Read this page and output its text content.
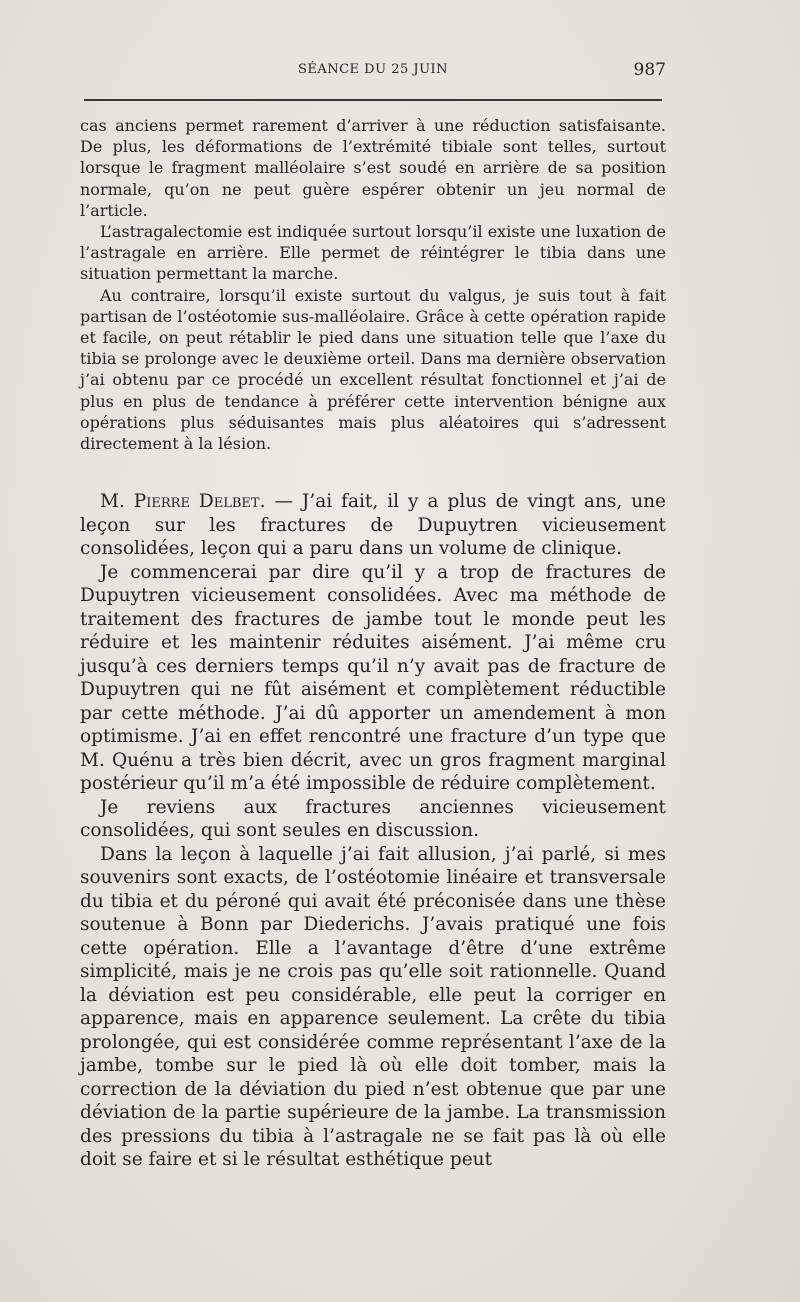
SÉANCE DU 25 JUIN	987

cas anciens permet rarement d’arriver à une réduction satisfaisante. De plus, les déformations de l’extrémité tibiale sont telles, surtout lorsque le fragment malléolaire s’est soudé en arrière de sa position normale, qu’on ne peut guère espérer obtenir un jeu normal de l’article.

L’astragalectomie est indiquée surtout lorsqu’il existe une luxation de l’astragale en arrière. Elle permet de réintégrer le tibia dans une situation permettant la marche.

Au contraire, lorsqu’il existe surtout du valgus, je suis tout à fait partisan de l’ostéotomie sus-malléolaire. Grâce à cette opération rapide et facile, on peut rétablir le pied dans une situation telle que l’axe du tibia se prolonge avec le deuxième orteil. Dans ma dernière observation j’ai obtenu par ce procédé un excellent résultat fonctionnel et j’ai de plus en plus de tendance à préférer cette intervention bénigne aux opérations plus séduisantes mais plus aléatoires qui s’adressent directement à la lésion.

M. Pierre Delbet. — J’ai fait, il y a plus de vingt ans, une leçon sur les fractures de Dupuytren vicieusement consolidées, leçon qui a paru dans un volume de clinique.

Je commencerai par dire qu’il y a trop de fractures de Dupuytren vicieusement consolidées. Avec ma méthode de traitement des fractures de jambe tout le monde peut les réduire et les maintenir réduites aisément. J’ai même cru jusqu’à ces derniers temps qu’il n’y avait pas de fracture de Dupuytren qui ne fût aisément et complètement réductible par cette méthode. J’ai dû apporter un amendement à mon optimisme. J’ai en effet rencontré une fracture d’un type que M. Quénu a très bien décrit, avec un gros fragment marginal postérieur qu’il m’a été impossible de réduire complètement.

Je reviens aux fractures anciennes vicieusement consolidées, qui sont seules en discussion.

Dans la leçon à laquelle j’ai fait allusion, j’ai parlé, si mes souvenirs sont exacts, de l’ostéotomie linéaire et transversale du tibia et du péroné qui avait été préconisée dans une thèse soutenue à Bonn par Diederichs. J’avais pratiqué une fois cette opération. Elle a l’avantage d’être d’une extrême simplicité, mais je ne crois pas qu’elle soit rationnelle. Quand la déviation est peu considérable, elle peut la corriger en apparence, mais en apparence seulement. La crête du tibia prolongée, qui est considérée comme représentant l’axe de la jambe, tombe sur le pied là où elle doit tomber, mais la correction de la déviation du pied n’est obtenue que par une déviation de la partie supérieure de la jambe. La transmission des pressions du tibia à l’astragale ne se fait pas là où elle doit se faire et si le résultat esthétique peut
